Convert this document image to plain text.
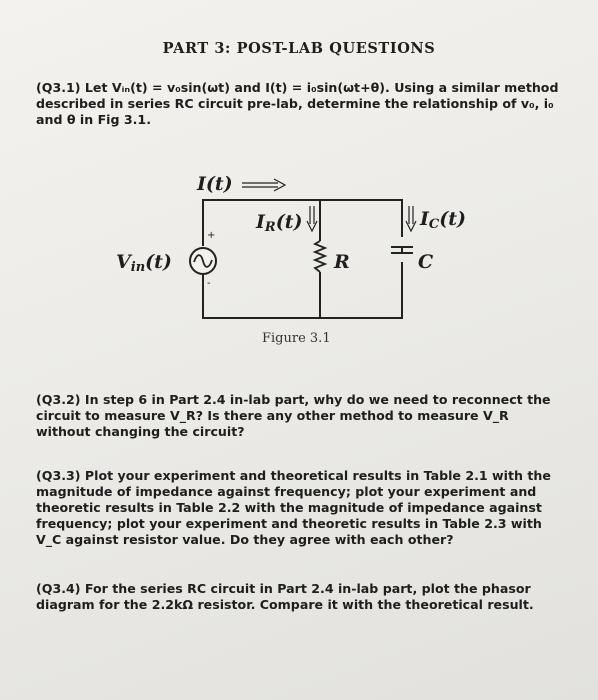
PART 3: POST-LAB QUESTIONS
(Q3.1) Let Vᵢₙ(t) = v₀sin(ωt) and I(t) = i₀sin(ωt+θ). Using a similar method described in series RC circuit pre-lab, determine the relationship of v₀, i₀ and θ in Fig 3.1.
+
-
I(t)
IR(t)	IC(t)
Vin(t)	R	C
Figure 3.1
(Q3.2) In step 6 in Part 2.4 in-lab part, why do we need to reconnect the circuit to measure V_R? Is there any other method to measure V_R without changing the circuit?
(Q3.3) Plot your experiment and theoretical results in Table 2.1 with the magnitude of impedance against frequency; plot your experiment and theoretic results in Table 2.2 with the magnitude of impedance against frequency; plot your experiment and theoretic results in Table 2.3 with V_C against resistor value. Do they agree with each other?
(Q3.4) For the series RC circuit in Part 2.4 in-lab part, plot the phasor diagram for the 2.2kΩ resistor. Compare it with the theoretical result.
